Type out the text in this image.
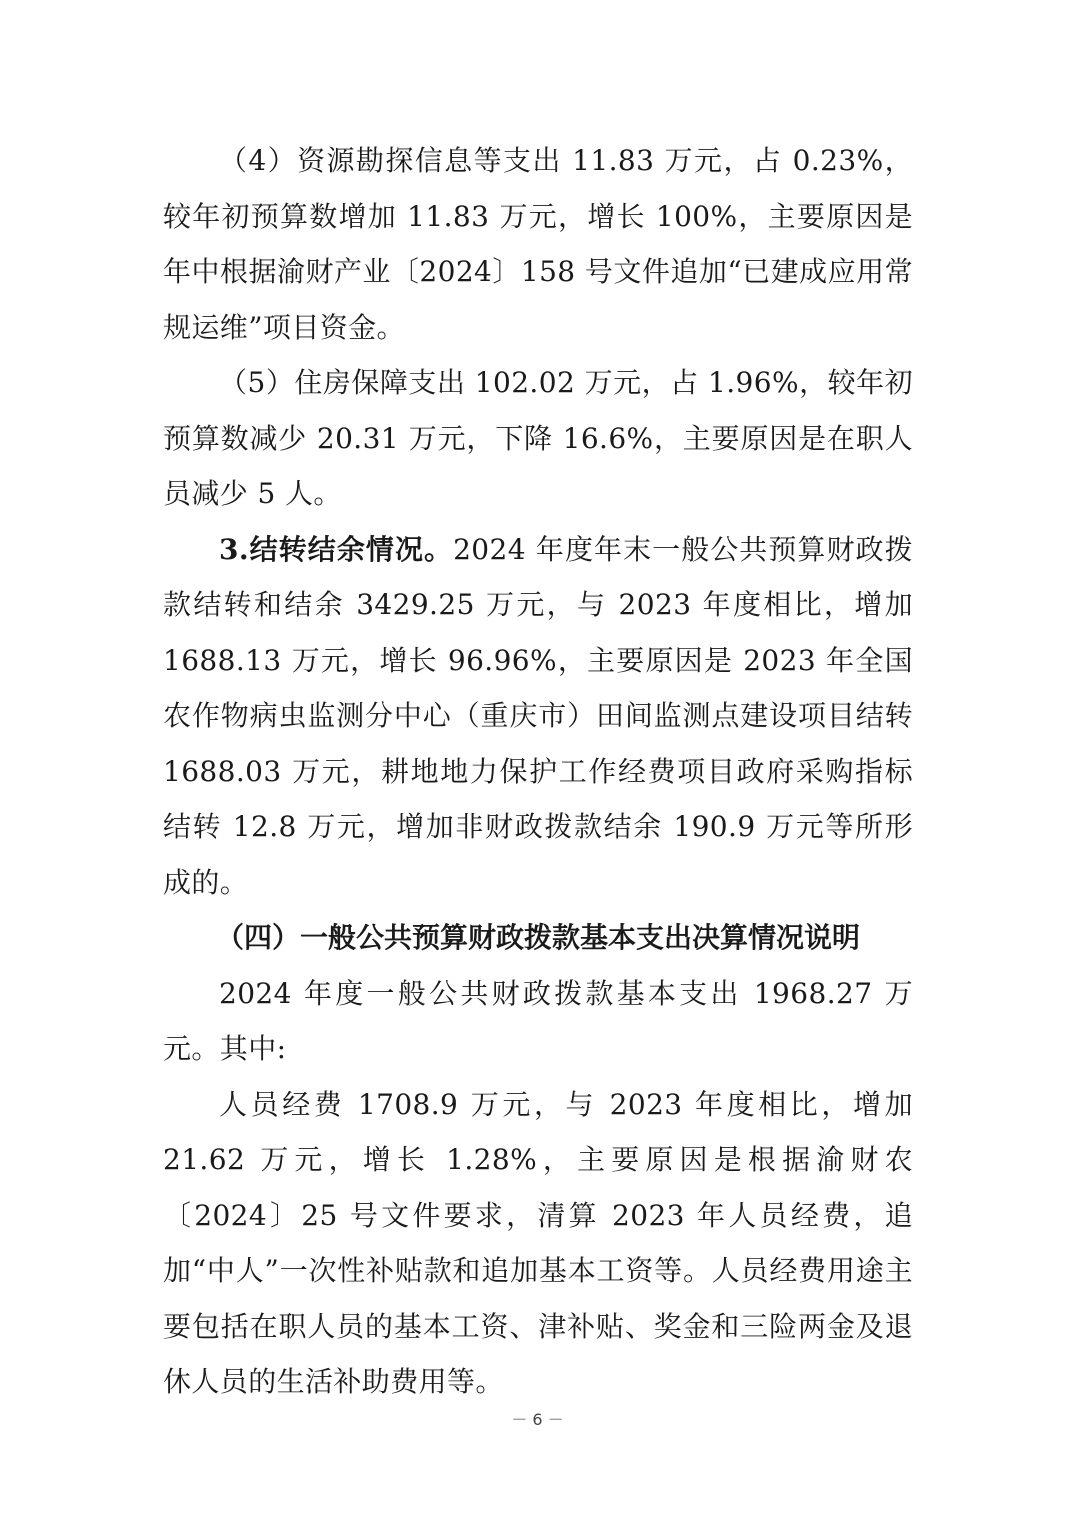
（4）资源勘探信息等支出 11.83 万元，占 0.23%，较年初预算数增加 11.83 万元，增长 100%，主要原因是年中根据渝财产业〔2024〕158 号文件追加“已建成应用常规运维”项目资金。

（5）住房保障支出 102.02 万元，占 1.96%，较年初预算数减少 20.31 万元，下降 16.6%，主要原因是在职人员减少 5 人。

3.结转结余情况。2024 年度年末一般公共预算财政拨款结转和结余 3429.25 万元，与 2023 年度相比，增加 1688.13 万元，增长 96.96%，主要原因是 2023 年全国农作物病虫监测分中心（重庆市）田间监测点建设项目结转 1688.03 万元，耕地地力保护工作经费项目政府采购指标结转 12.8 万元，增加非财政拨款结余 190.9 万元等所形成的。

（四）一般公共预算财政拨款基本支出决算情况说明

2024 年度一般公共财政拨款基本支出 1968.27 万元。其中:

人员经费 1708.9 万元，与 2023 年度相比，增加 21.62 万元，增长 1.28%，主要原因是根据渝财农〔2024〕25 号文件要求，清算 2023 年人员经费，追加“中人”一次性补贴款和追加基本工资等。人员经费用途主要包括在职人员的基本工资、津补贴、奖金和三险两金及退休人员的生活补助费用等。

－ 6 －
